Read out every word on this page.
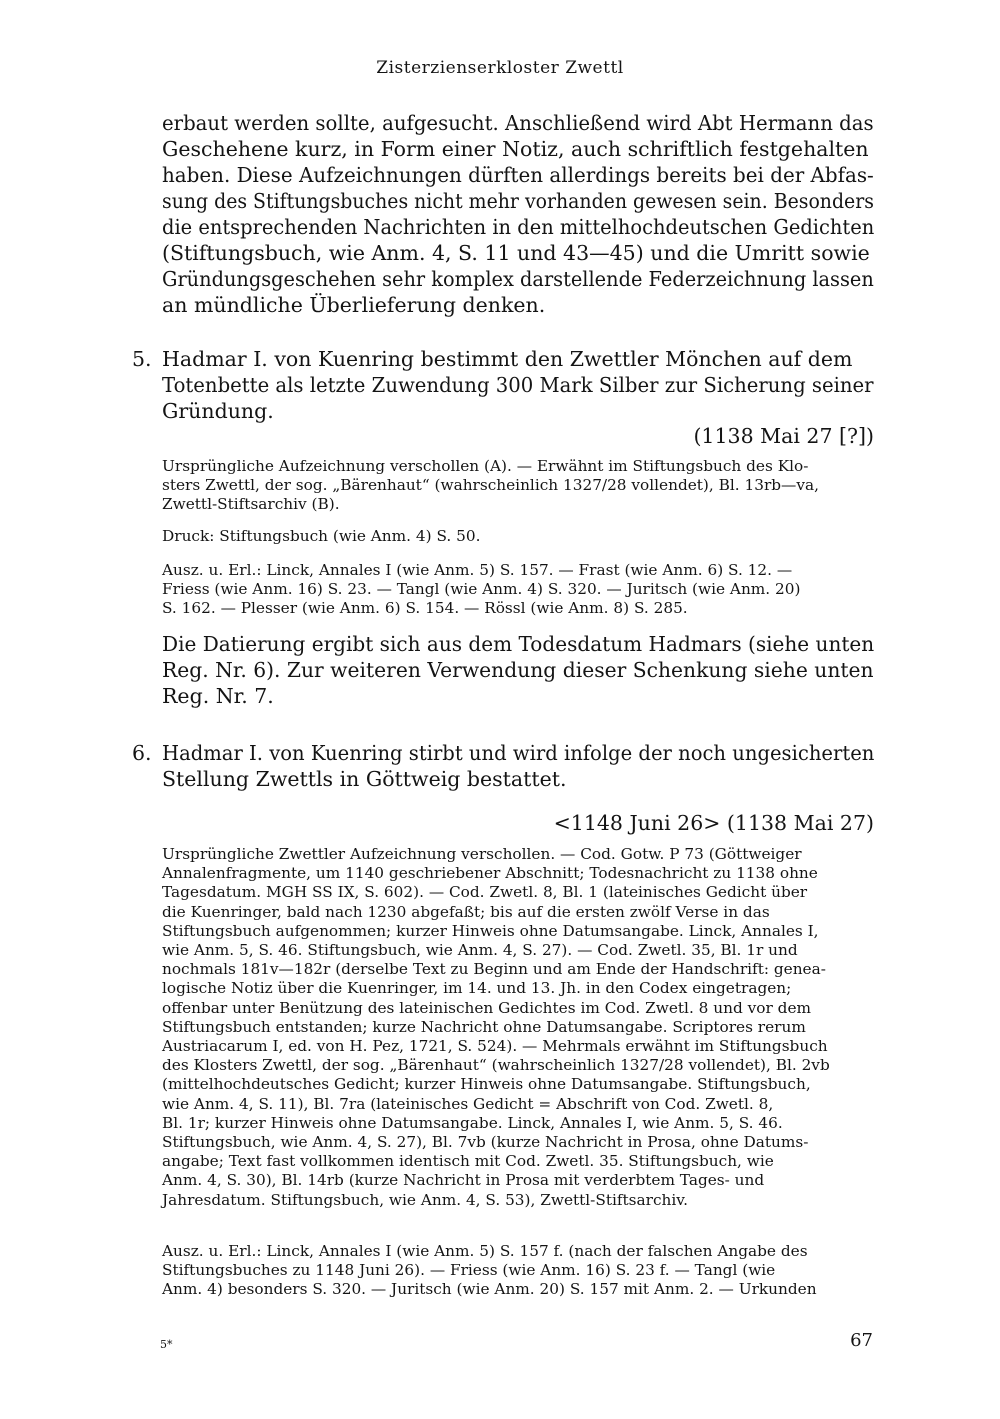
Zisterzienserkloster Zwettl
erbaut werden sollte, aufgesucht. Anschließend wird Abt Hermann das
Geschehene kurz, in Form einer Notiz, auch schriftlich festgehalten
haben. Diese Aufzeichnungen dürften allerdings bereits bei der Abfas-
sung des Stiftungsbuches nicht mehr vorhanden gewesen sein. Besonders
die entsprechenden Nachrichten in den mittelhochdeutschen Gedichten
(Stiftungsbuch, wie Anm. 4, S. 11 und 43—45) und die Umritt sowie
Gründungsgeschehen sehr komplex darstellende Federzeichnung lassen
an mündliche Überlieferung denken.
5. Hadmar I. von Kuenring bestimmt den Zwettler Mönchen auf dem
Totenbette als letzte Zuwendung 300 Mark Silber zur Sicherung seiner
Gründung.
(1138 Mai 27 [?])
Ursprüngliche Aufzeichnung verschollen (A). — Erwähnt im Stiftungsbuch des Klo-
sters Zwettl, der sog. „Bärenhaut“ (wahrscheinlich 1327/28 vollendet), Bl. 13rb—va,
Zwettl-Stiftsarchiv (B).
Druck: Stiftungsbuch (wie Anm. 4) S. 50.
Ausz. u. Erl.: Linck, Annales I (wie Anm. 5) S. 157. — Frast (wie Anm. 6) S. 12. —
Friess (wie Anm. 16) S. 23. — Tangl (wie Anm. 4) S. 320. — Juritsch (wie Anm. 20)
S. 162. — Plesser (wie Anm. 6) S. 154. — Rössl (wie Anm. 8) S. 285.
Die Datierung ergibt sich aus dem Todesdatum Hadmars (siehe unten
Reg. Nr. 6). Zur weiteren Verwendung dieser Schenkung siehe unten
Reg. Nr. 7.
6. Hadmar I. von Kuenring stirbt und wird infolge der noch ungesicherten
Stellung Zwettls in Göttweig bestattet.
<1148 Juni 26> (1138 Mai 27)
Ursprüngliche Zwettler Aufzeichnung verschollen. — Cod. Gotw. P 73 (Göttweiger
Annalenfragmente, um 1140 geschriebener Abschnitt; Todesnachricht zu 1138 ohne
Tagesdatum. MGH SS IX, S. 602). — Cod. Zwetl. 8, Bl. 1 (lateinisches Gedicht über
die Kuenringer, bald nach 1230 abgefaßt; bis auf die ersten zwölf Verse in das
Stiftungsbuch aufgenommen; kurzer Hinweis ohne Datumsangabe. Linck, Annales I,
wie Anm. 5, S. 46. Stiftungsbuch, wie Anm. 4, S. 27). — Cod. Zwetl. 35, Bl. 1r und
nochmals 181v—182r (derselbe Text zu Beginn und am Ende der Handschrift: genea-
logische Notiz über die Kuenringer, im 14. und 13. Jh. in den Codex eingetragen;
offenbar unter Benützung des lateinischen Gedichtes im Cod. Zwetl. 8 und vor dem
Stiftungsbuch entstanden; kurze Nachricht ohne Datumsangabe. Scriptores rerum
Austriacarum I, ed. von H. Pez, 1721, S. 524). — Mehrmals erwähnt im Stiftungsbuch
des Klosters Zwettl, der sog. „Bärenhaut“ (wahrscheinlich 1327/28 vollendet), Bl. 2vb
(mittelhochdeutsches Gedicht; kurzer Hinweis ohne Datumsangabe. Stiftungsbuch,
wie Anm. 4, S. 11), Bl. 7ra (lateinisches Gedicht = Abschrift von Cod. Zwetl. 8,
Bl. 1r; kurzer Hinweis ohne Datumsangabe. Linck, Annales I, wie Anm. 5, S. 46.
Stiftungsbuch, wie Anm. 4, S. 27), Bl. 7vb (kurze Nachricht in Prosa, ohne Datums-
angabe; Text fast vollkommen identisch mit Cod. Zwetl. 35. Stiftungsbuch, wie
Anm. 4, S. 30), Bl. 14rb (kurze Nachricht in Prosa mit verderbtem Tages- und
Jahresdatum. Stiftungsbuch, wie Anm. 4, S. 53), Zwettl-Stiftsarchiv.
Ausz. u. Erl.: Linck, Annales I (wie Anm. 5) S. 157 f. (nach der falschen Angabe des
Stiftungsbuches zu 1148 Juni 26). — Friess (wie Anm. 16) S. 23 f. — Tangl (wie
Anm. 4) besonders S. 320. — Juritsch (wie Anm. 20) S. 157 mit Anm. 2. — Urkunden
5*	67
